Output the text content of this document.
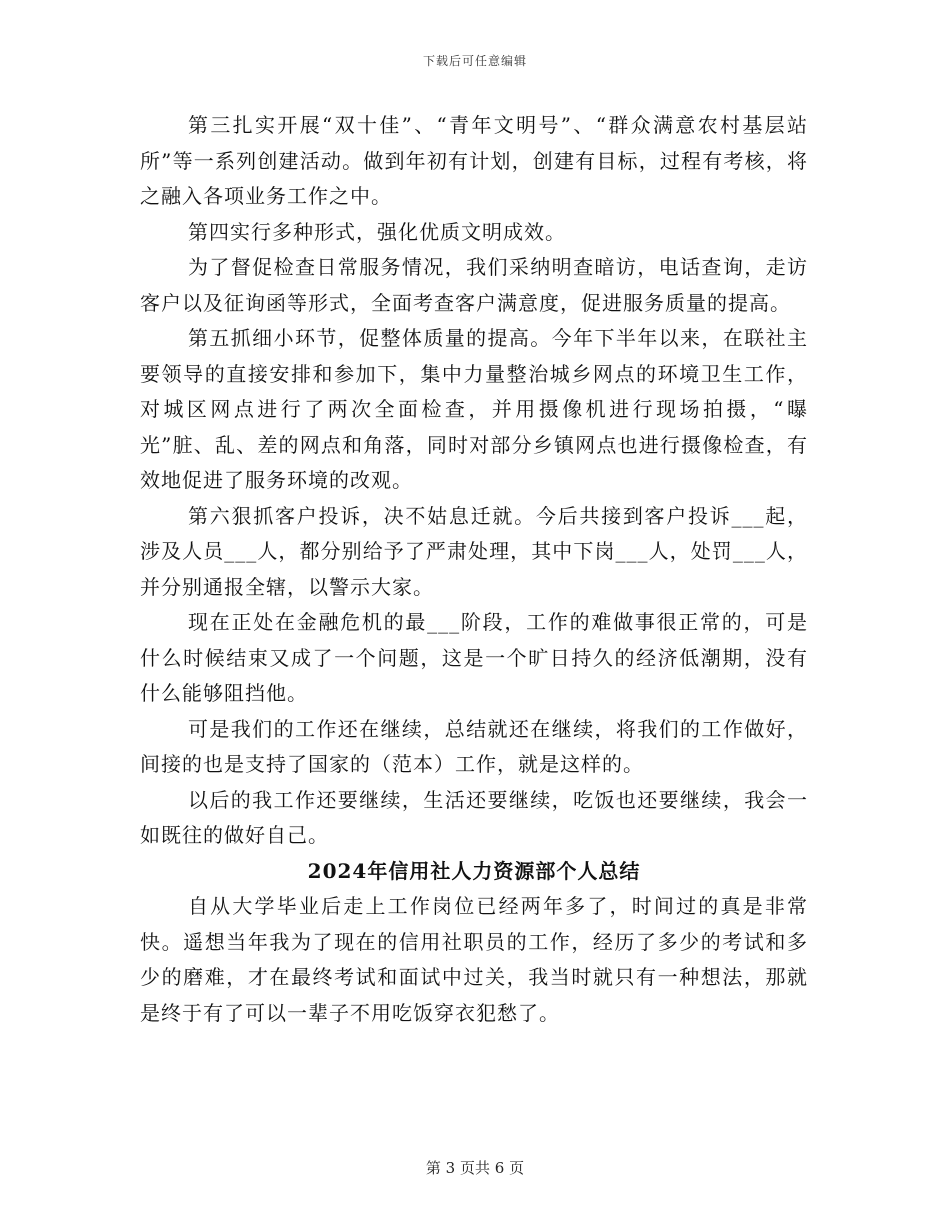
下载后可任意编辑

第三扎实开展“双十佳”、“青年文明号”、“群众满意农村基层站所”等一系列创建活动。做到年初有计划，创建有目标，过程有考核，将之融入各项业务工作之中。

第四实行多种形式，强化优质文明成效。

为了督促检查日常服务情况，我们采纳明查暗访，电话查询，走访客户以及征询函等形式，全面考查客户满意度，促进服务质量的提高。

第五抓细小环节，促整体质量的提高。今年下半年以来，在联社主要领导的直接安排和参加下，集中力量整治城乡网点的环境卫生工作，对城区网点进行了两次全面检查，并用摄像机进行现场拍摄，“曝光”脏、乱、差的网点和角落，同时对部分乡镇网点也进行摄像检查，有效地促进了服务环境的改观。

第六狠抓客户投诉，决不姑息迁就。今后共接到客户投诉___起，涉及人员___人，都分别给予了严肃处理，其中下岗___人，处罚___人，并分别通报全辖，以警示大家。

现在正处在金融危机的最___阶段，工作的难做事很正常的，可是什么时候结束又成了一个问题，这是一个旷日持久的经济低潮期，没有什么能够阻挡他。

可是我们的工作还在继续，总结就还在继续，将我们的工作做好，间接的也是支持了国家的（范本）工作，就是这样的。

以后的我工作还要继续，生活还要继续，吃饭也还要继续，我会一如既往的做好自己。

2024年信用社人力资源部个人总结

自从大学毕业后走上工作岗位已经两年多了，时间过的真是非常快。遥想当年我为了现在的信用社职员的工作，经历了多少的考试和多少的磨难，才在最终考试和面试中过关，我当时就只有一种想法，那就是终于有了可以一辈子不用吃饭穿衣犯愁了。

第 3 页共 6 页
